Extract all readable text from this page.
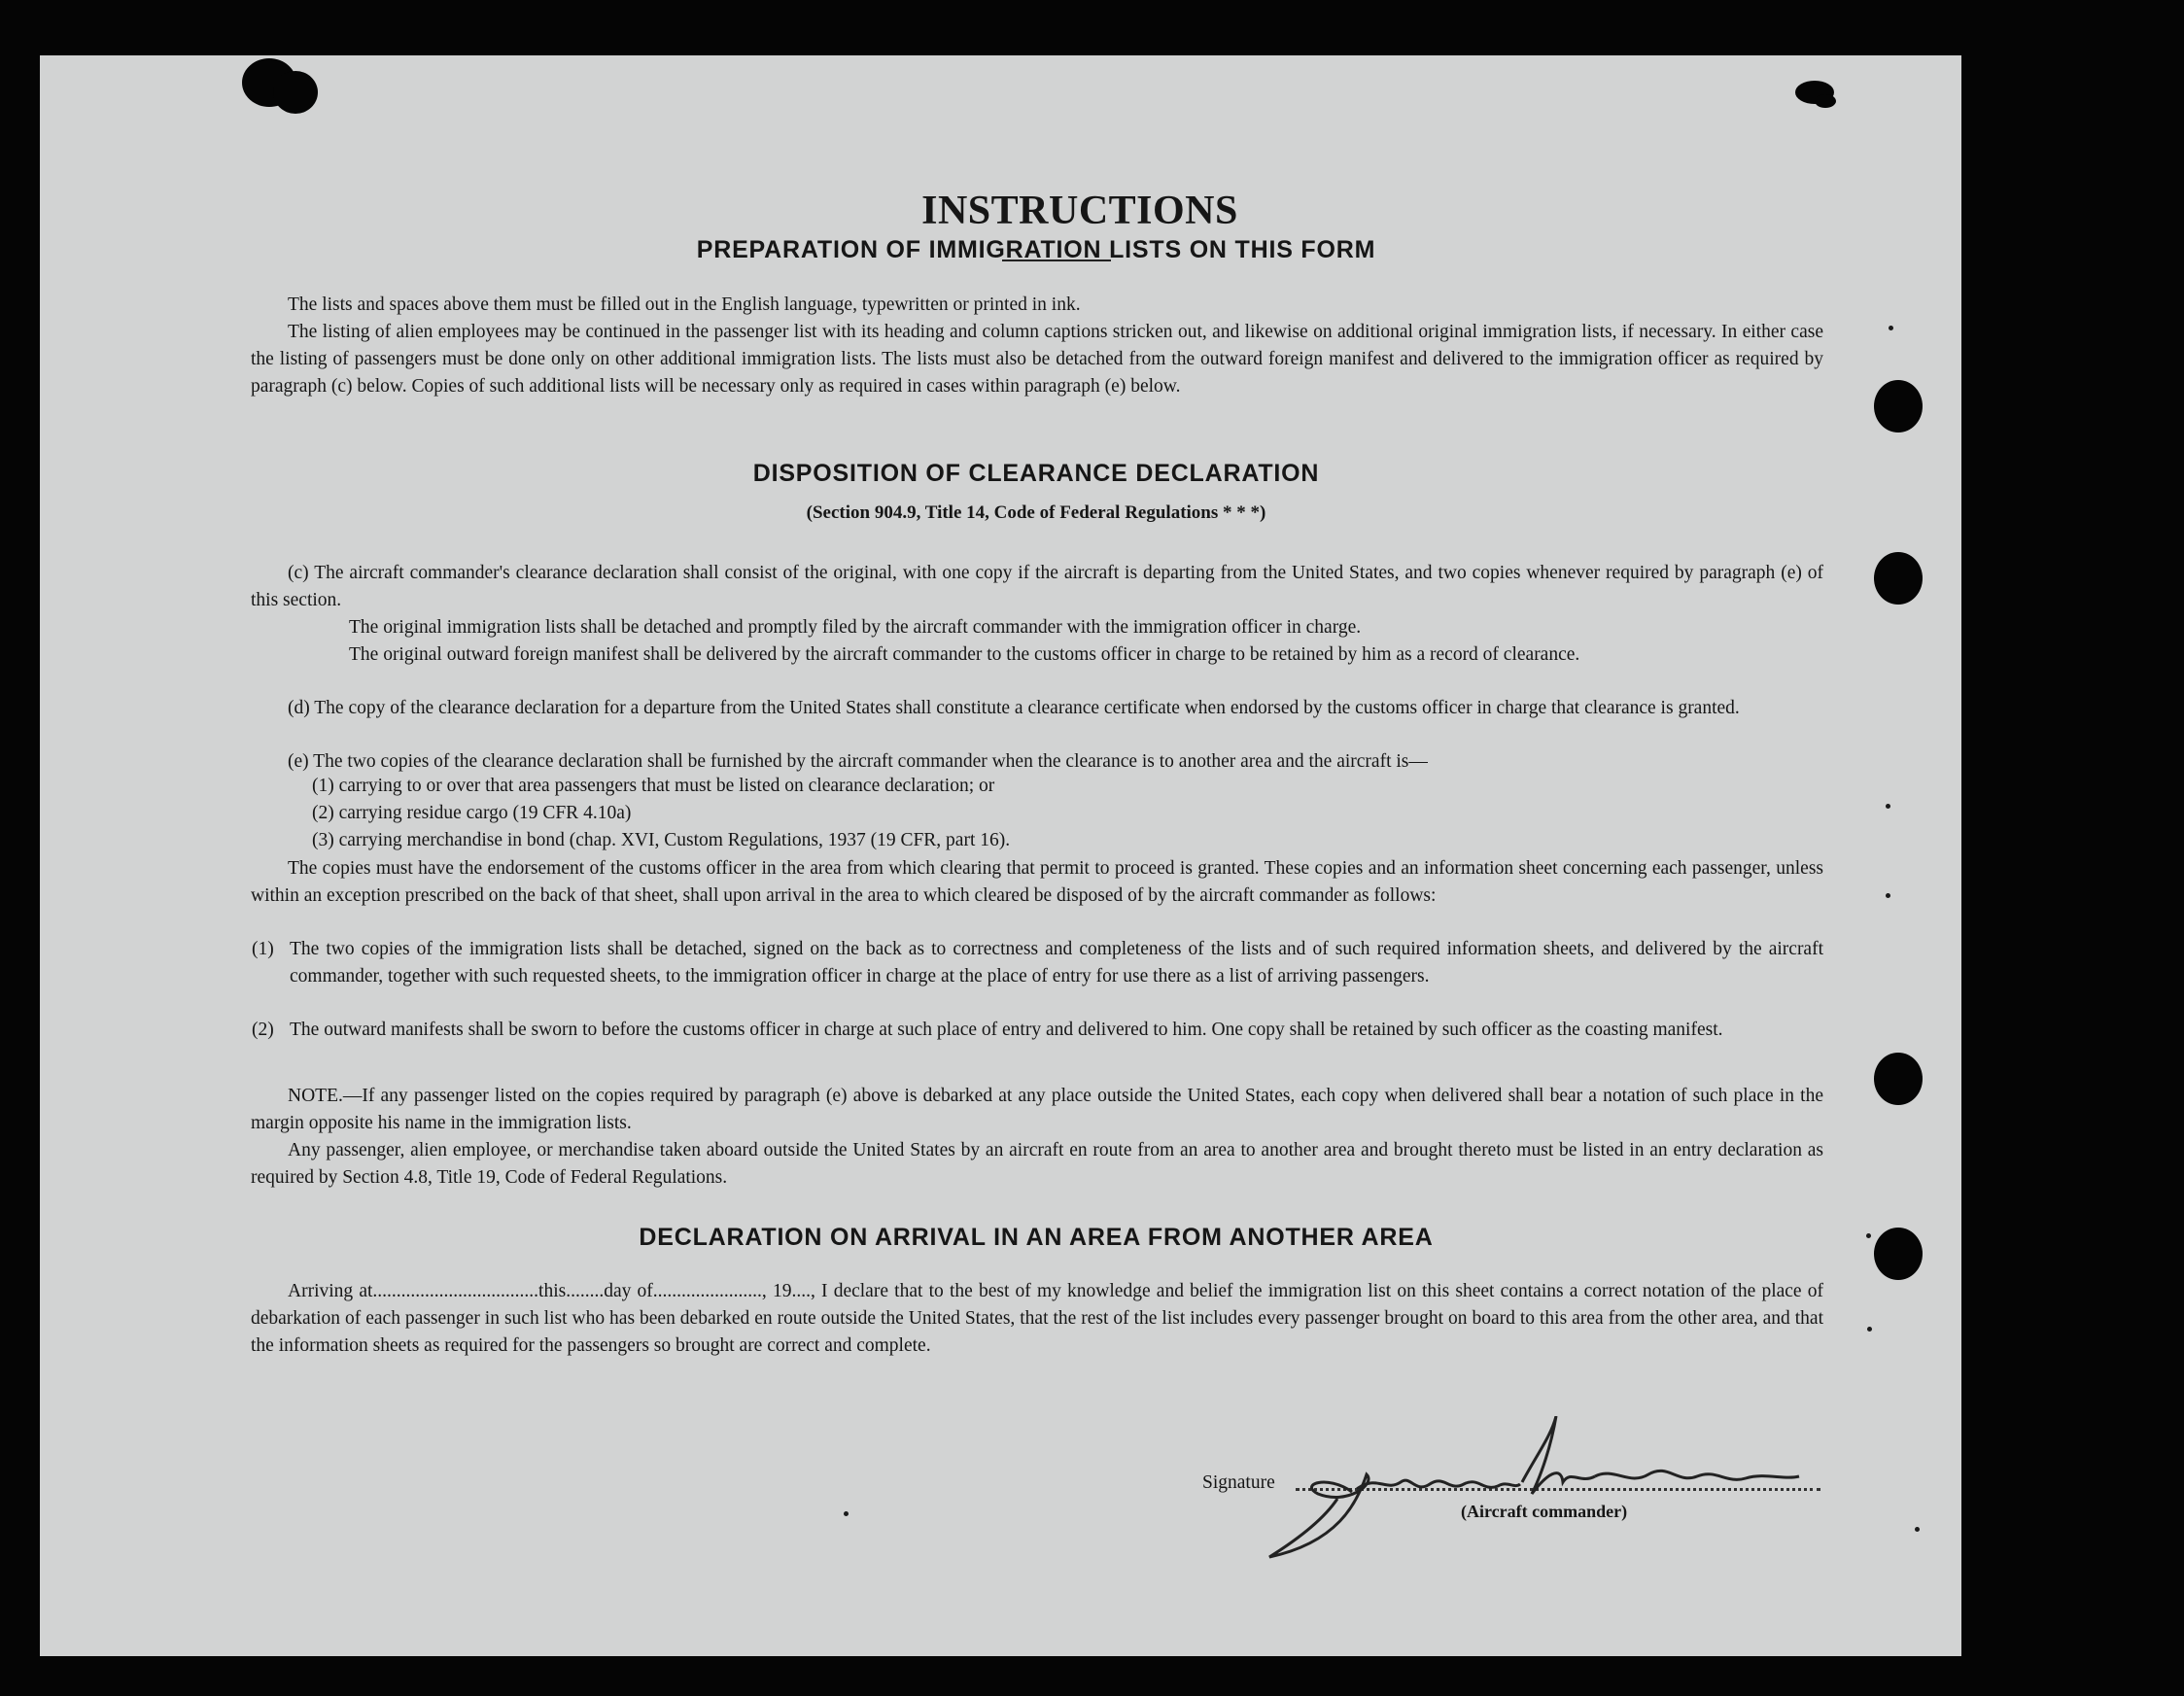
INSTRUCTIONS
PREPARATION OF IMMIGRATION LISTS ON THIS FORM

The lists and spaces above them must be filled out in the English language, typewritten or printed in ink.

The listing of alien employees may be continued in the passenger list with its heading and column captions stricken out, and likewise on additional original immigration lists, if necessary. In either case the listing of passengers must be done only on other additional immigration lists. The lists must also be detached from the outward foreign manifest and delivered to the immigration officer as required by paragraph (c) below. Copies of such additional lists will be necessary only as required in cases within paragraph (e) below.

DISPOSITION OF CLEARANCE DECLARATION

(Section 904.9, Title 14, Code of Federal Regulations * * *)

(c) The aircraft commander's clearance declaration shall consist of the original, with one copy if the aircraft is departing from the United States, and two copies whenever required by paragraph (e) of this section.

The original immigration lists shall be detached and promptly filed by the aircraft commander with the immigration officer in charge.

The original outward foreign manifest shall be delivered by the aircraft commander to the customs officer in charge to be retained by him as a record of clearance.

(d) The copy of the clearance declaration for a departure from the United States shall constitute a clearance certificate when endorsed by the customs officer in charge that clearance is granted.

(e) The two copies of the clearance declaration shall be furnished by the aircraft commander when the clearance is to another area and the aircraft is—

(1) carrying to or over that area passengers that must be listed on clearance declaration; or

(2) carrying residue cargo (19 CFR 4.10a)

(3) carrying merchandise in bond (chap. XVI, Custom Regulations, 1937 (19 CFR, part 16).

The copies must have the endorsement of the customs officer in the area from which clearing that permit to proceed is granted. These copies and an information sheet concerning each passenger, unless within an exception prescribed on the back of that sheet, shall upon arrival in the area to which cleared be disposed of by the aircraft commander as follows:

(1) The two copies of the immigration lists shall be detached, signed on the back as to correctness and completeness of the lists and of such required information sheets, and delivered by the aircraft commander, together with such requested sheets, to the immigration officer in charge at the place of entry for use there as a list of arriving passengers.

(2) The outward manifests shall be sworn to before the customs officer in charge at such place of entry and delivered to him. One copy shall be retained by such officer as the coasting manifest.

NOTE.—If any passenger listed on the copies required by paragraph (e) above is debarked at any place outside the United States, each copy when delivered shall bear a notation of such place in the margin opposite his name in the immigration lists.

Any passenger, alien employee, or merchandise taken aboard outside the United States by an aircraft en route from an area to another area and brought thereto must be listed in an entry declaration as required by Section 4.8, Title 19, Code of Federal Regulations.

DECLARATION ON ARRIVAL IN AN AREA FROM ANOTHER AREA

Arriving at...................................this........day of......................., 19...., I declare that to the best of my knowledge and belief the immigration list on this sheet contains a correct notation of the place of debarkation of each passenger in such list who has been debarked en route outside the United States, that the rest of the list includes every passenger brought on board to this area from the other area, and that the information sheets as required for the passengers so brought are correct and complete.

Signature
(Aircraft commander)
